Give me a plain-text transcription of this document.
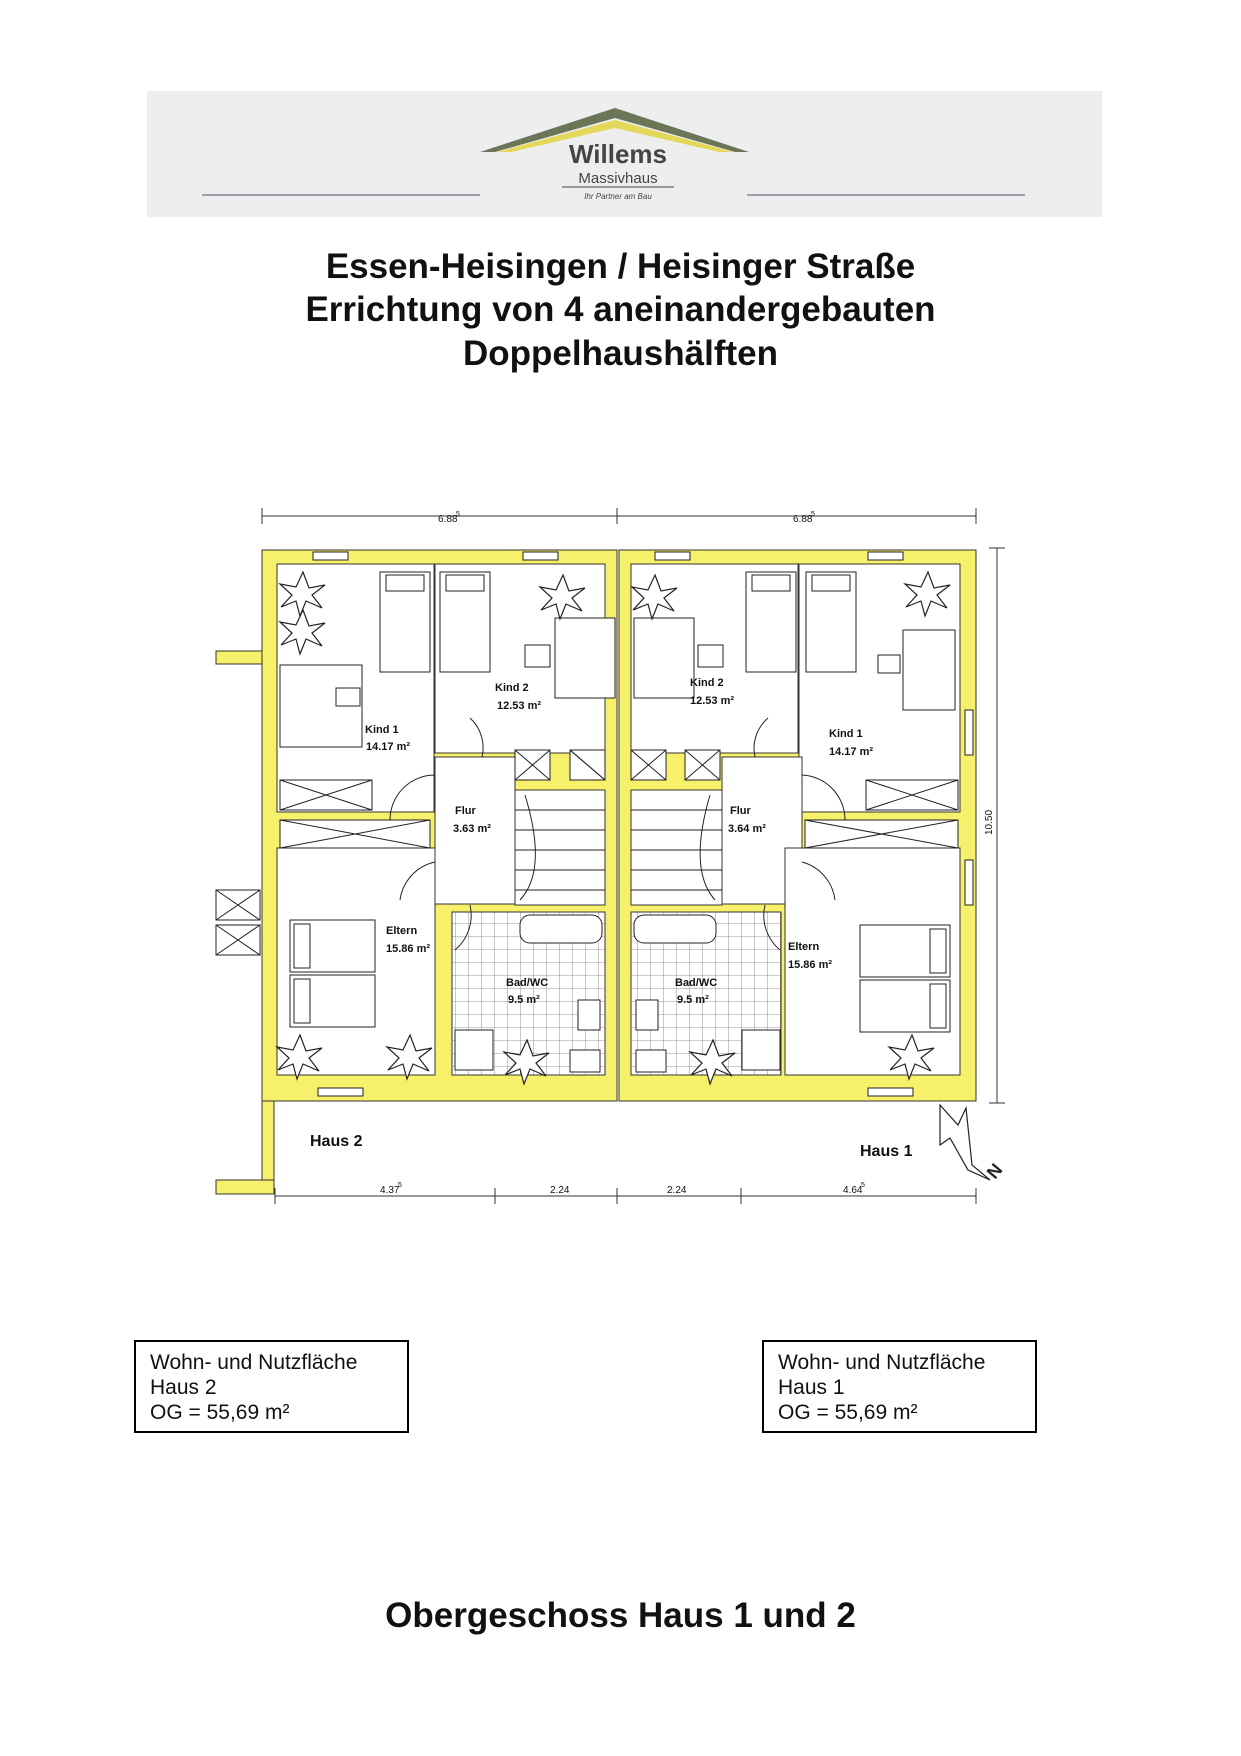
Willems
Massivhaus
Ihr Partner am Bau
Essen-Heisingen / Heisinger Straße
Errichtung von 4 aneinandergebauten
Doppelhaushälften
6.88
5	6.88
5
10.50
4.37
5	2.24	2.24	4.64
5
Kind 1
14.17 m²
Kind 2
12.53 m²
Flur
3.63 m²
Eltern
15.86 m²
Bad/WC
9.5 m²
Kind 2
12.53 m²
Kind 1
14.17 m²
Flur
3.64 m²
Eltern
15.86 m²
Bad/WC
9.5 m²
Haus 2
Haus 1
N
Wohn- und Nutzfläche
Haus 2
OG = 55,69 m²
Wohn- und Nutzfläche
Haus 1
OG = 55,69 m²
Obergeschoss Haus 1 und 2
